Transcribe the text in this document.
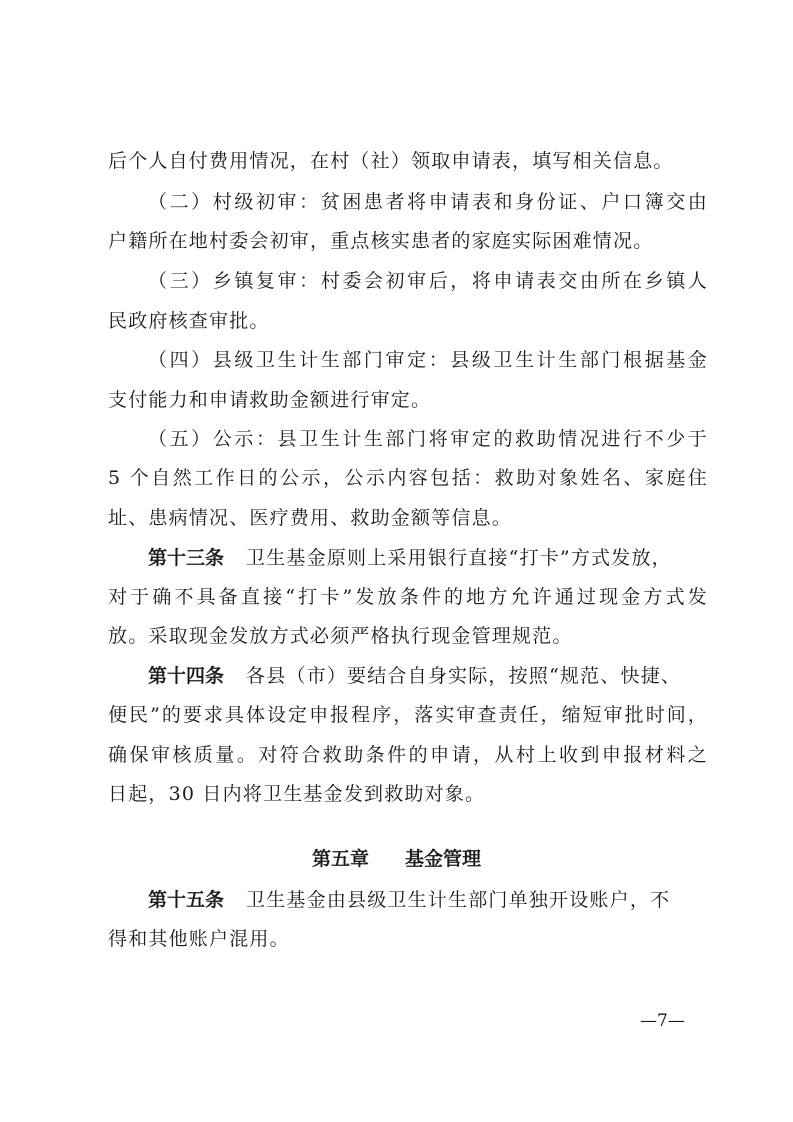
后个人自付费用情况，在村（社）领取申请表，填写相关信息。
（二）村级初审：贫困患者将申请表和身份证、户口簿交由
户籍所在地村委会初审，重点核实患者的家庭实际困难情况。
（三）乡镇复审：村委会初审后，将申请表交由所在乡镇人
民政府核查审批。
（四）县级卫生计生部门审定：县级卫生计生部门根据基金
支付能力和申请救助金额进行审定。
（五）公示：县卫生计生部门将审定的救助情况进行不少于
5 个自然工作日的公示，公示内容包括：救助对象姓名、家庭住
址、患病情况、医疗费用、救助金额等信息。
第十三条 卫生基金原则上采用银行直接“打卡”方式发放，
对于确不具备直接“打卡”发放条件的地方允许通过现金方式发
放。采取现金发放方式必须严格执行现金管理规范。
第十四条 各县（市）要结合自身实际，按照“规范、快捷、
便民”的要求具体设定申报程序，落实审查责任，缩短审批时间，
确保审核质量。对符合救助条件的申请，从村上收到申报材料之
日起，30 日内将卫生基金发到救助对象。
第五章 基金管理
第十五条 卫生基金由县级卫生计生部门单独开设账户，不
得和其他账户混用。
—7—
